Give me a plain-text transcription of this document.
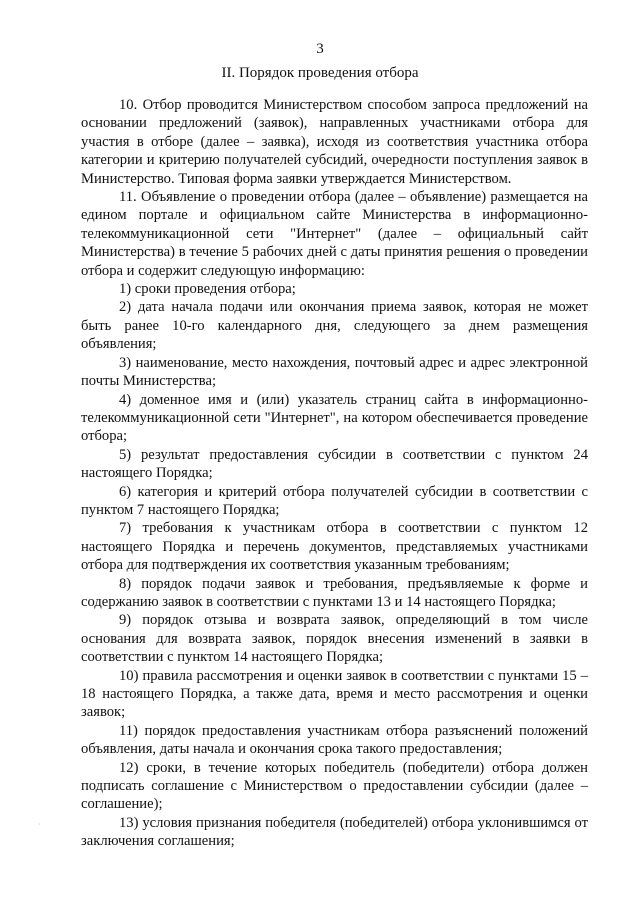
3
II. Порядок проведения отбора

10. Отбор проводится Министерством способом запроса предложений на основании предложений (заявок), направленных участниками отбора для участия в отборе (далее – заявка), исходя из соответствия участника отбора категории и критерию получателей субсидий, очередности поступления заявок в Министерство. Типовая форма заявки утверждается Министерством.

11. Объявление о проведении отбора (далее – объявление) размещается на едином портале и официальном сайте Министерства в информационно-телекоммуникационной сети "Интернет" (далее – официальный сайт Министерства) в течение 5 рабочих дней с даты принятия решения о проведении отбора и содержит следующую информацию:

1) сроки проведения отбора;

2) дата начала подачи или окончания приема заявок, которая не может быть ранее 10-го календарного дня, следующего за днем размещения объявления;

3) наименование, место нахождения, почтовый адрес и адрес электронной почты Министерства;

4) доменное имя и (или) указатель страниц сайта в информационно-телекоммуникационной сети "Интернет", на котором обеспечивается проведение отбора;

5) результат предоставления субсидии в соответствии с пунктом 24 настоящего Порядка;

6) категория и критерий отбора получателей субсидии в соответствии с пунктом 7 настоящего Порядка;

7) требования к участникам отбора в соответствии с пунктом 12 настоящего Порядка и перечень документов, представляемых участниками отбора для подтверждения их соответствия указанным требованиям;

8) порядок подачи заявок и требования, предъявляемые к форме и содержанию заявок в соответствии с пунктами 13 и 14 настоящего Порядка;

9) порядок отзыва и возврата заявок, определяющий в том числе основания для возврата заявок, порядок внесения изменений в заявки в соответствии с пунктом 14 настоящего Порядка;

10) правила рассмотрения и оценки заявок в соответствии с пунктами 15 – 18 настоящего Порядка, а также дата, время и место рассмотрения и оценки заявок;

11) порядок предоставления участникам отбора разъяснений положений объявления, даты начала и окончания срока такого предоставления;

12) сроки, в течение которых победитель (победители) отбора должен подписать соглашение с Министерством о предоставлении субсидии (далее – соглашение);

13) условия признания победителя (победителей) отбора уклонившимся от заключения соглашения;

·
